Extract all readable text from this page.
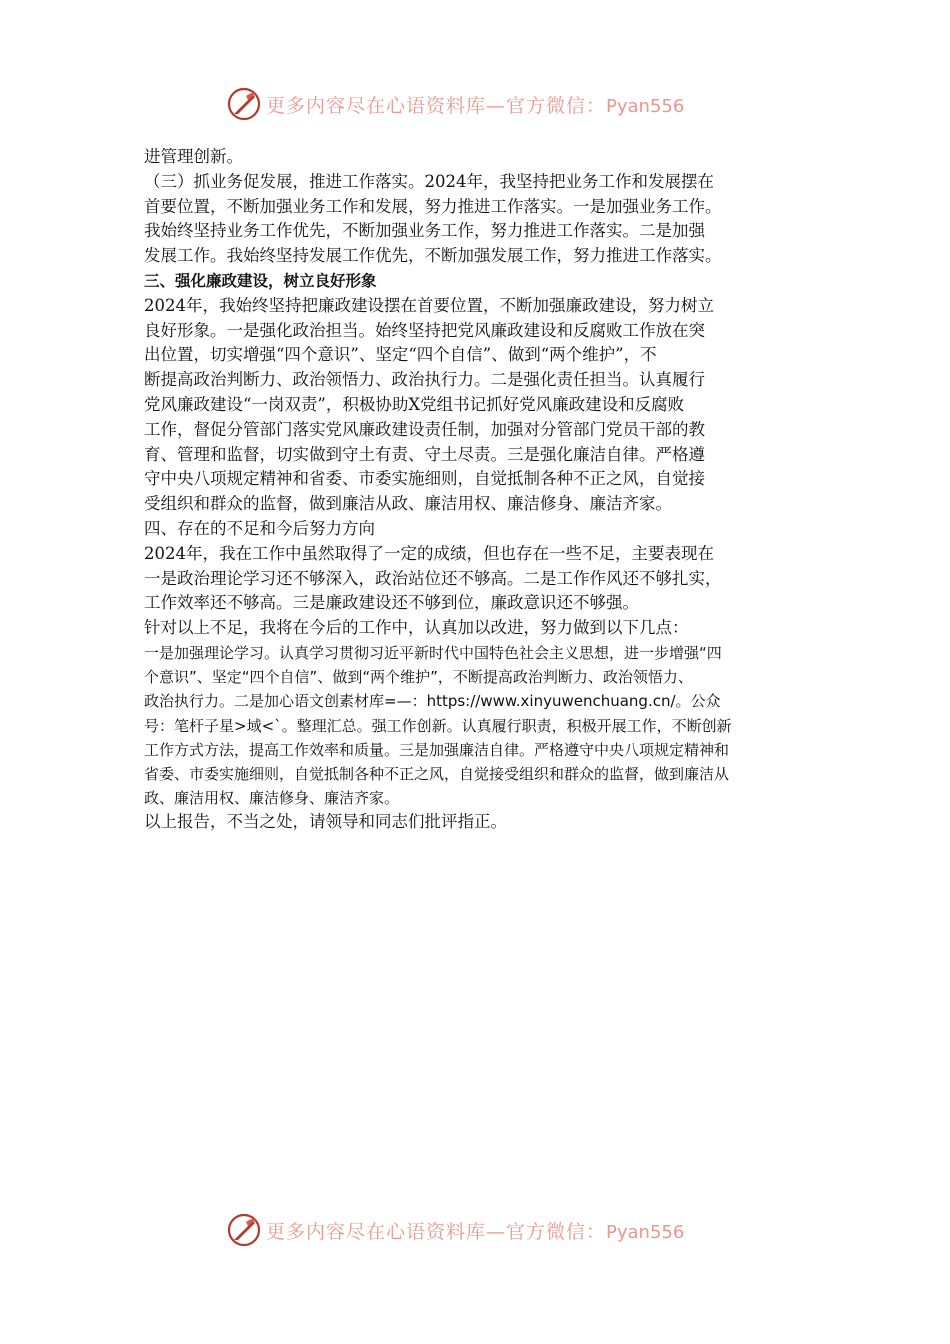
更多内容尽在心语资料库—官方微信：Pyan556
进管理创新。
（三）抓业务促发展，推进工作落实。2024年，我坚持把业务工作和发展摆在
首要位置，不断加强业务工作和发展，努力推进工作落实。一是加强业务工作。
我始终坚持业务工作优先，不断加强业务工作，努力推进工作落实。二是加强
发展工作。我始终坚持发展工作优先，不断加强发展工作，努力推进工作落实。
三、强化廉政建设，树立良好形象
2024年，我始终坚持把廉政建设摆在首要位置，不断加强廉政建设，努力树立
良好形象。一是强化政治担当。始终坚持把党风廉政建设和反腐败工作放在突
出位置，切实增强“四个意识”、坚定“四个自信”、做到“两个维护”，不
断提高政治判断力、政治领悟力、政治执行力。二是强化责任担当。认真履行
党风廉政建设“一岗双责”，积极协助X党组书记抓好党风廉政建设和反腐败
工作，督促分管部门落实党风廉政建设责任制，加强对分管部门党员干部的教
育、管理和监督，切实做到守土有责、守土尽责。三是强化廉洁自律。严格遵
守中央八项规定精神和省委、市委实施细则，自觉抵制各种不正之风，自觉接
受组织和群众的监督，做到廉洁从政、廉洁用权、廉洁修身、廉洁齐家。
四、存在的不足和今后努力方向
2024年，我在工作中虽然取得了一定的成绩，但也存在一些不足，主要表现在
一是政治理论学习还不够深入，政治站位还不够高。二是工作作风还不够扎实，
工作效率还不够高。三是廉政建设还不够到位，廉政意识还不够强。
针对以上不足，我将在今后的工作中，认真加以改进，努力做到以下几点：
一是加强理论学习。认真学习贯彻习近平新时代中国特色社会主义思想，进一步增强“四
个意识”、坚定“四个自信”、做到“两个维护”，不断提高政治判断力、政治领悟力、
政治执行力。二是加心语文创素材库=—：https://www.xinyuwenchuang.cn/。公众
号：笔杆子星>域<`。整理汇总。强工作创新。认真履行职责，积极开展工作，不断创新
工作方式方法，提高工作效率和质量。三是加强廉洁自律。严格遵守中央八项规定精神和
省委、市委实施细则，自觉抵制各种不正之风，自觉接受组织和群众的监督，做到廉洁从
政、廉洁用权、廉洁修身、廉洁齐家。
以上报告，不当之处，请领导和同志们批评指正。
更多内容尽在心语资料库—官方微信：Pyan556
